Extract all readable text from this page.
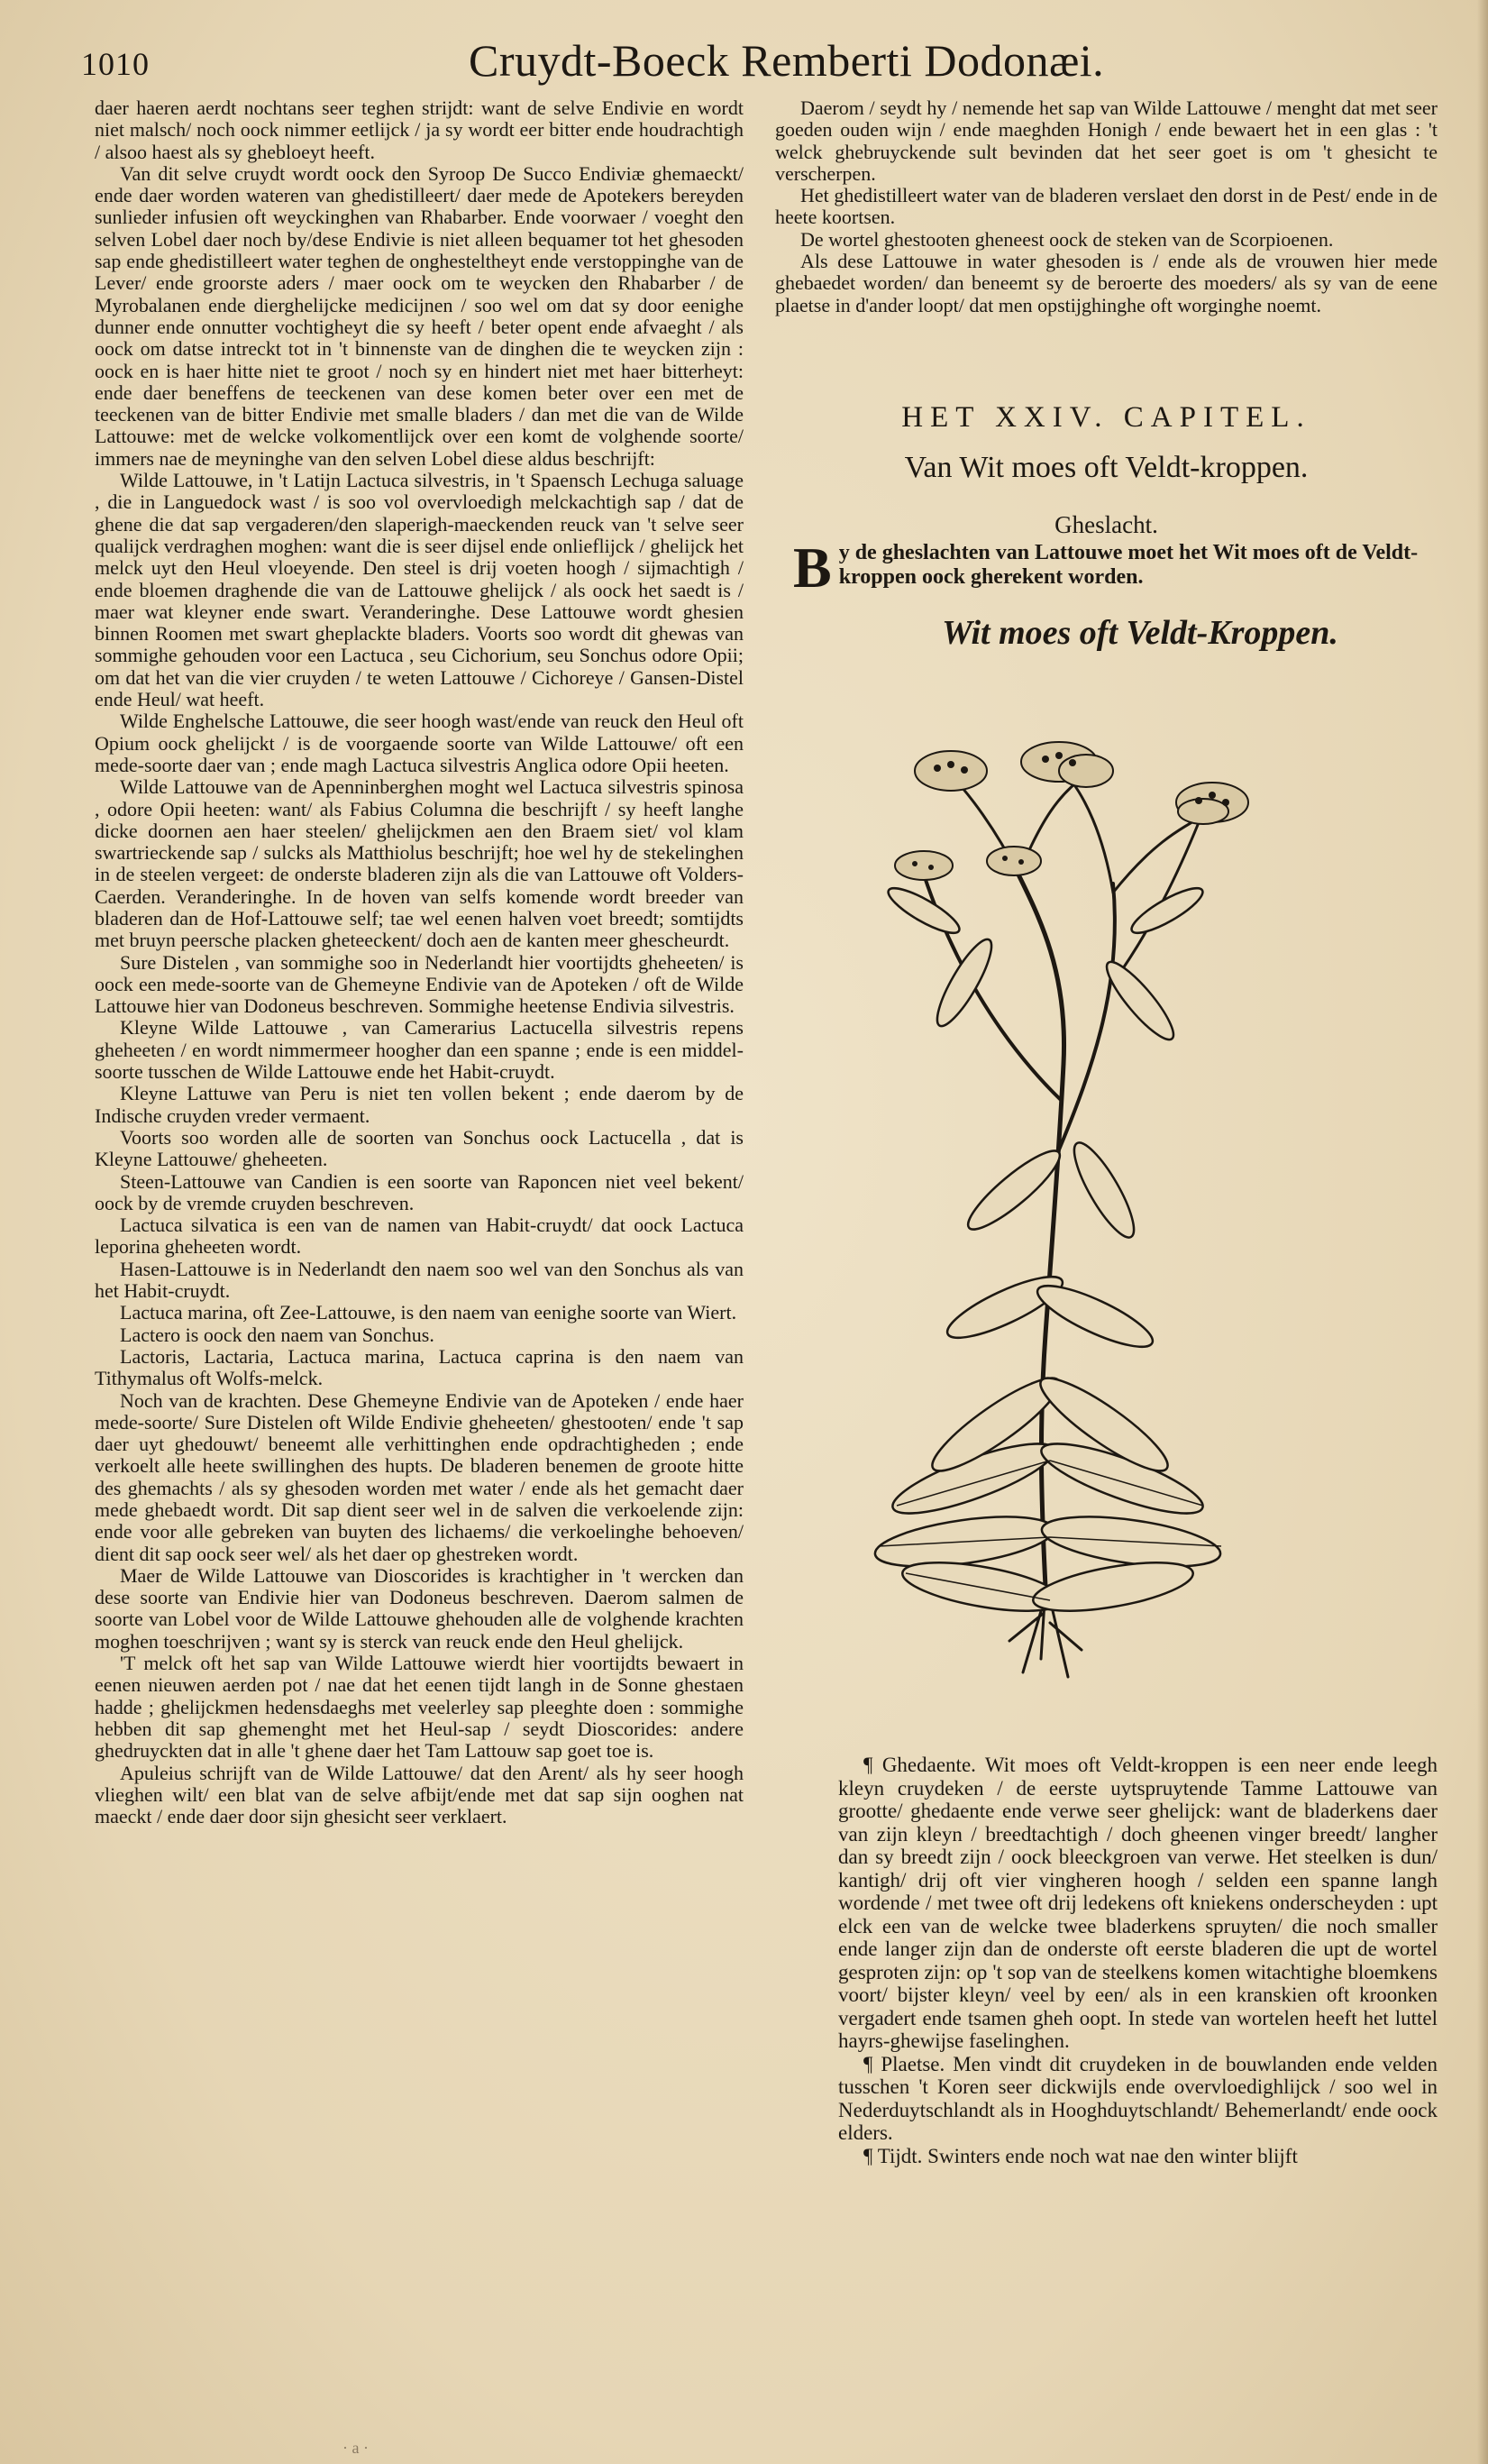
1010	Cruydt-Boeck Remberti Dodonæi.

daer haeren aerdt nochtans seer teghen strijdt: want de selve Endivie en wordt niet malsch/ noch oock nimmer eetlijck / ja sy wordt eer bitter ende houdrachtigh / alsoo haest als sy ghebloeyt heeft.

Van dit selve cruydt wordt oock den Syroop De Succo Endiviæ ghemaeckt/ ende daer worden wateren van ghedistilleert/ daer mede de Apotekers bereyden sunlieder infusien oft weyckinghen van Rhabarber. Ende voorwaer / voeght den selven Lobel daer noch by/dese Endivie is niet alleen bequamer tot het ghesoden sap ende ghedistilleert water teghen de onghesteltheyt ende verstoppinghe van de Lever/ ende groorste aders / maer oock om te weycken den Rhabarber / de Myrobalanen ende dierghelijcke medicijnen / soo wel om dat sy door eenighe dunner ende onnutter vochtigheyt die sy heeft / beter opent ende afvaeght / als oock om datse intreckt tot in 't binnenste van de dinghen die te weycken zijn : oock en is haer hitte niet te groot / noch sy en hindert niet met haer bitterheyt: ende daer beneffens de teeckenen van dese komen beter over een met de teeckenen van de bitter Endivie met smalle bladers / dan met die van de Wilde Lattouwe: met de welcke volkomentlijck over een komt de volghende soorte/ immers nae de meyninghe van den selven Lobel diese aldus beschrijft:

Wilde Lattouwe, in 't Latijn Lactuca silvestris, in 't Spaensch Lechuga saluage , die in Languedock wast / is soo vol overvloedigh melckachtigh sap / dat de ghene die dat sap vergaderen/den slaperigh-maeckenden reuck van 't selve seer qualijck verdraghen moghen: want die is seer dijsel ende onlieflijck / ghelijck het melck uyt den Heul vloeyende. Den steel is drij voeten hoogh / sijmachtigh / ende bloemen draghende die van de Lattouwe ghelijck / als oock het saedt is / maer wat kleyner ende swart. Veranderinghe. Dese Lattouwe wordt ghesien binnen Roomen met swart gheplackte bladers. Voorts soo wordt dit ghewas van sommighe gehouden voor een Lactuca , seu Cichorium, seu Sonchus odore Opii; om dat het van die vier cruyden / te weten Lattouwe / Cichoreye / Gansen-Distel ende Heul/ wat heeft.

Wilde Enghelsche Lattouwe, die seer hoogh wast/ende van reuck den Heul oft Opium oock ghelijckt / is de voorgaende soorte van Wilde Lattouwe/ oft een mede-soorte daer van ; ende magh Lactuca silvestris Anglica odore Opii heeten.

Wilde Lattouwe van de Apenninberghen moght wel Lactuca silvestris spinosa , odore Opii heeten: want/ als Fabius Columna die beschrijft / sy heeft langhe dicke doornen aen haer steelen/ ghelijckmen aen den Braem siet/ vol klam swartrieckende sap / sulcks als Matthiolus beschrijft; hoe wel hy de stekelinghen in de steelen vergeet: de onderste bladeren zijn als die van Lattouwe oft Volders-Caerden. Veranderinghe. In de hoven van selfs komende wordt breeder van bladeren dan de Hof-Lattouwe self; tae wel eenen halven voet breedt; somtijdts met bruyn peersche placken gheteeckent/ doch aen de kanten meer ghescheurdt.

Sure Distelen , van sommighe soo in Nederlandt hier voortijdts gheheeten/ is oock een mede-soorte van de Ghemeyne Endivie van de Apoteken / oft de Wilde Lattouwe hier van Dodoneus beschreven. Sommighe heetense Endivia silvestris.

Kleyne Wilde Lattouwe , van Camerarius Lactucella silvestris repens gheheeten / en wordt nimmermeer hoogher dan een spanne ; ende is een middel-soorte tusschen de Wilde Lattouwe ende het Habit-cruydt.

Kleyne Lattuwe van Peru is niet ten vollen bekent ; ende daerom by de Indische cruyden vreder vermaent.

Voorts soo worden alle de soorten van Sonchus oock Lactucella , dat is Kleyne Lattouwe/ gheheeten.

Steen-Lattouwe van Candien is een soorte van Raponcen niet veel bekent/ oock by de vremde cruyden beschreven.

Lactuca silvatica is een van de namen van Habit-cruydt/ dat oock Lactuca leporina gheheeten wordt.

Hasen-Lattouwe is in Nederlandt den naem soo wel van den Sonchus als van het Habit-cruydt.

Lactuca marina, oft Zee-Lattouwe, is den naem van eenighe soorte van Wiert.

Lactero is oock den naem van Sonchus.

Lactoris, Lactaria, Lactuca marina, Lactuca caprina is den naem van Tithymalus oft Wolfs-melck.

Noch van de krachten. Dese Ghemeyne Endivie van de Apoteken / ende haer mede-soorte/ Sure Distelen oft Wilde Endivie gheheeten/ ghestooten/ ende 't sap daer uyt ghedouwt/ beneemt alle verhittinghen ende opdrachtigheden ; ende verkoelt alle heete swillinghen des hupts. De bladeren benemen de groote hitte des ghemachts / als sy ghesoden worden met water / ende als het gemacht daer mede ghebaedt wordt. Dit sap dient seer wel in de salven die verkoelende zijn: ende voor alle gebreken van buyten des lichaems/ die verkoelinghe behoeven/ dient dit sap oock seer wel/ als het daer op ghestreken wordt.

Maer de Wilde Lattouwe van Dioscorides is krachtigher in 't wercken dan dese soorte van Endivie hier van Dodoneus beschreven. Daerom salmen de soorte van Lobel voor de Wilde Lattouwe ghehouden alle de volghende krachten moghen toeschrijven ; want sy is sterck van reuck ende den Heul ghelijck.

'T melck oft het sap van Wilde Lattouwe wierdt hier voortijdts bewaert in eenen nieuwen aerden pot / nae dat het eenen tijdt langh in de Sonne ghestaen hadde ; ghelijckmen hedensdaeghs met veelerley sap pleeghte doen : sommighe hebben dit sap ghemenght met het Heul-sap / seydt Dioscorides: andere ghedruyckten dat in alle 't ghene daer het Tam Lattouw sap goet toe is.

Apuleius schrijft van de Wilde Lattouwe/ dat den Arent/ als hy seer hoogh vlieghen wilt/ een blat van de selve afbijt/ende met dat sap sijn ooghen nat maeckt / ende daer door sijn ghesicht seer verklaert.

Daerom / seydt hy / nemende het sap van Wilde Lattouwe / menght dat met seer goeden ouden wijn / ende maeghden Honigh / ende bewaert het in een glas : 't welck ghebruyckende sult bevinden dat het seer goet is om 't ghesicht te verscherpen.

Het ghedistilleert water van de bladeren verslaet den dorst in de Pest/ ende in de heete koortsen.

De wortel ghestooten gheneest oock de steken van de Scorpioenen.

Als dese Lattouwe in water ghesoden is / ende als de vrouwen hier mede ghebaedet worden/ dan beneemt sy de beroerte des moeders/ als sy van de eene plaetse in d'ander loopt/ dat men opstijghinghe oft worginghe noemt.

HET XXIV. CAPITEL.
Van Wit moes oft Veldt-kroppen.
Gheslacht.
By de gheslachten van Lattouwe moet het Wit moes oft de Veldt-kroppen oock gherekent worden.
Wit moes oft Veldt-Kroppen.

¶ Ghedaente. Wit moes oft Veldt-kroppen is een neer ende leegh kleyn cruydeken / de eerste uytspruytende Tamme Lattouwe van grootte/ ghedaente ende verwe seer ghelijck: want de bladerkens daer van zijn kleyn / breedtachtigh / doch gheenen vinger breedt/ langher dan sy breedt zijn / oock bleeckgroen van verwe. Het steelken is dun/ kantigh/ drij oft vier vingheren hoogh / selden een spanne langh wordende / met twee oft drij ledekens oft kniekens onderscheyden : upt elck een van de welcke twee bladerkens spruyten/ die noch smaller ende langer zijn dan de onderste oft eerste bladeren die upt de wortel gesproten zijn: op 't sop van de steelkens komen witachtighe bloemkens voort/ bijster kleyn/ veel by een/ als in een kranskien oft kroonken vergadert ende tsamen gheh oopt. In stede van wortelen heeft het luttel hayrs-ghewijse faselinghen.

¶ Plaetse. Men vindt dit cruydeken in de bouwlanden ende velden tusschen 't Koren seer dickwijls ende overvloedighlijck / soo wel in Nederduytschlandt als in Hooghduytschlandt/ Behemerlandt/ ende oock elders.

¶ Tijdt. Swinters ende noch wat nae den winter blijft

· a ·
